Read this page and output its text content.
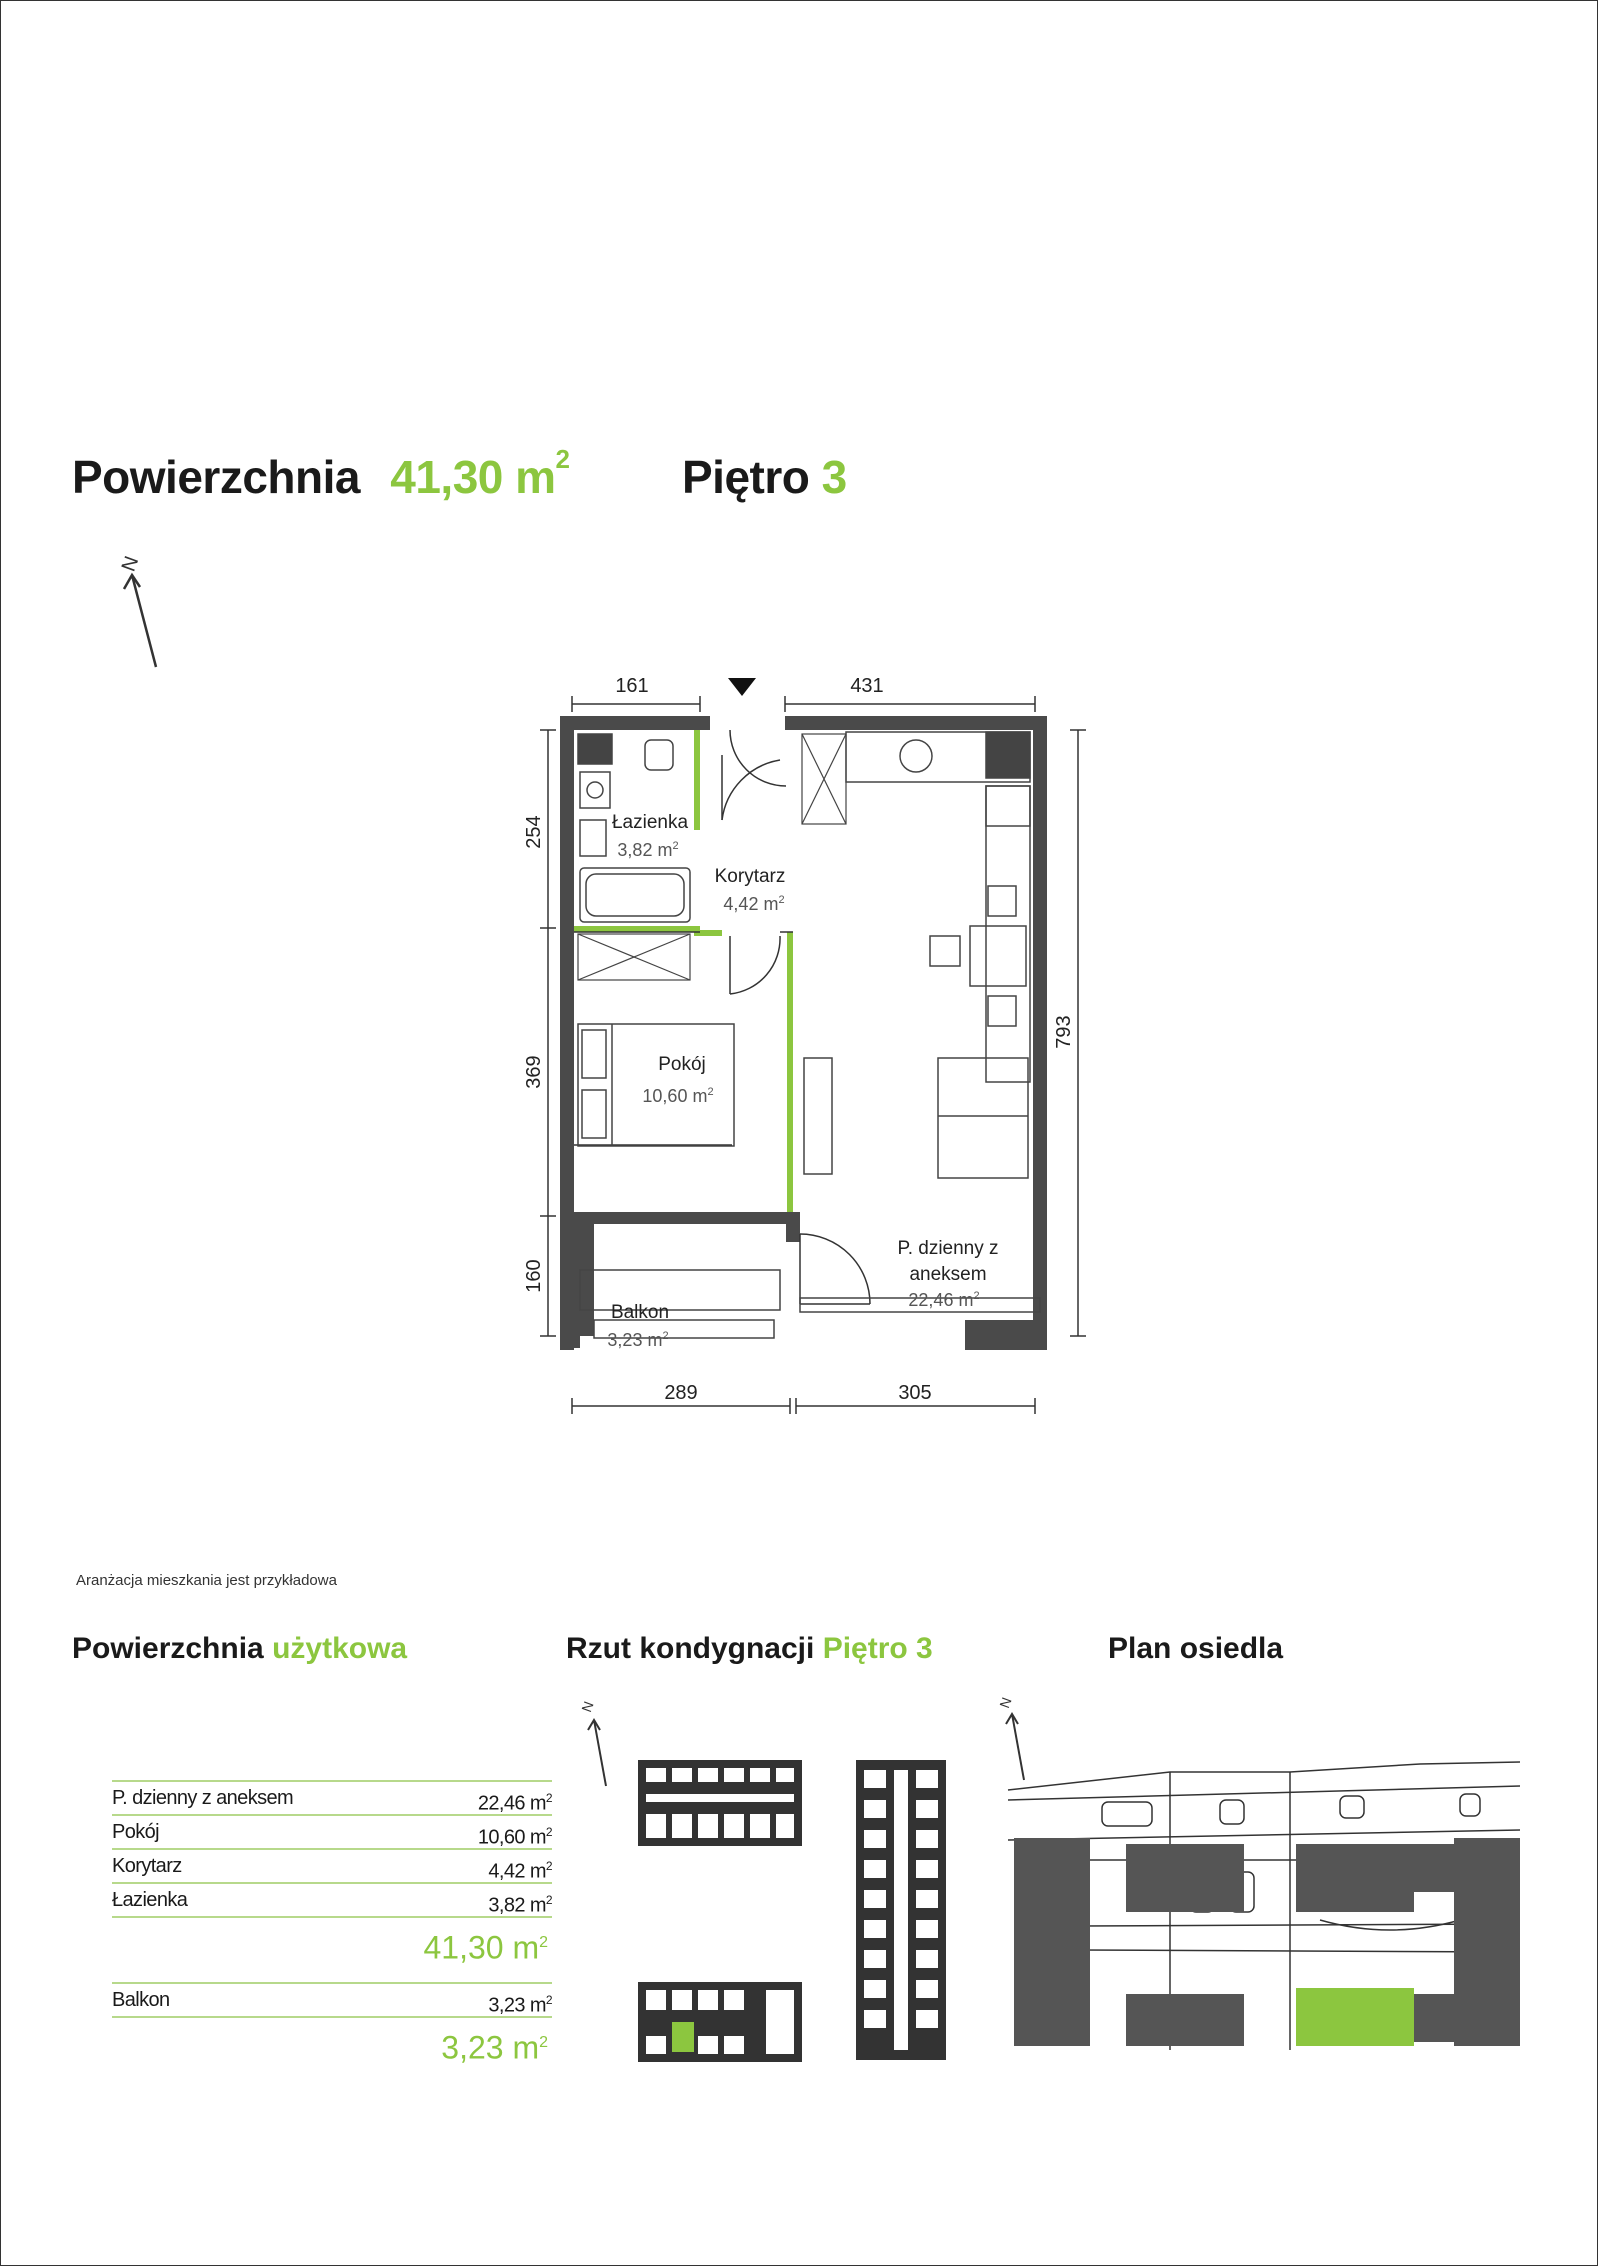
Powierzchnia 41,30 $m^2$ Piętro 3
N
161	431
254
369
160
793
289	305
Łazienka
Korytarz
Pokój
P. dzienny z
aneksem
Balkon
3,82 $m^2$
4,42 $m^2$
10,60 $m^2$
22,46 $m^2$
3,23 $m^2$
Aranżacja mieszkania jest przykładowa
Powierzchnia użytkowa	Rzut kondygnacji Piętro 3	Plan osiedla
P. dzienny z aneksem	22,46 $m^2$
Pokój	10,60 $m^2$
Korytarz	4,42 $m^2$
Łazienka	3,82 $m^2$
41,30 $m^2$
Balkon	3,23 $m^2$
3,23 $m^2$
N	N
